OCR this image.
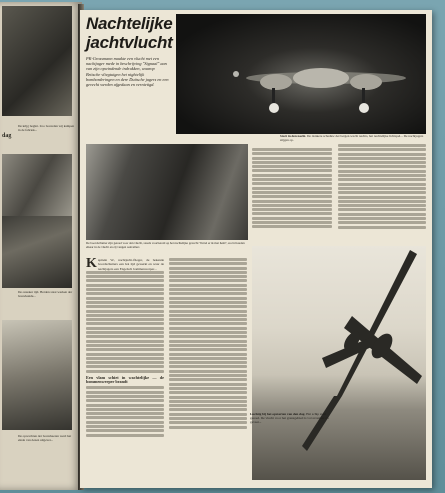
dag
De krijg begint. Zoo bouwden wij kampen in de fabriek...
De onzeker tijd. Herden staat werken der bouwkunde...
De opwachten der bouwheeren werd het einde van dezen uitgever...
Nachtelijke
jachtvlucht
PK-Grossmann maakte een vlucht met een nachtjager mede in beschrijving "Signaal" aan van zijn opwindende indrukken, waarop Britsche vliegtuigen het nightelijk bombarderingen en dere Duitsche jagers en een gevecht werden afgedaan en vernietigd.
Start in den nacht. De donkere schaduw der bergen wacht nachts, het nachtelijke lichtspel... De nachtjagers stijgen op.
De boordschutter zijn gereed voor den vlucht, steeds voorbereid op het nachtelijke gevecht 'Vertel er ik met hem!', zoo'n houden elkaar in de vlucht en zij vangen aanvallers
K apitein W., nachtjacht-flieger, de bekende boordschutters een hoi tijd gewerkt en waar de nachtjagers een Engelsch bommenwerper...
Een vlam schiet in wachtelijke — de bommenwerper brandt
Luchtig bij het opstarten van den dag. Het schip staat gereed. De vlucht voor het grensgebied is vol avontuur en gevaar...
